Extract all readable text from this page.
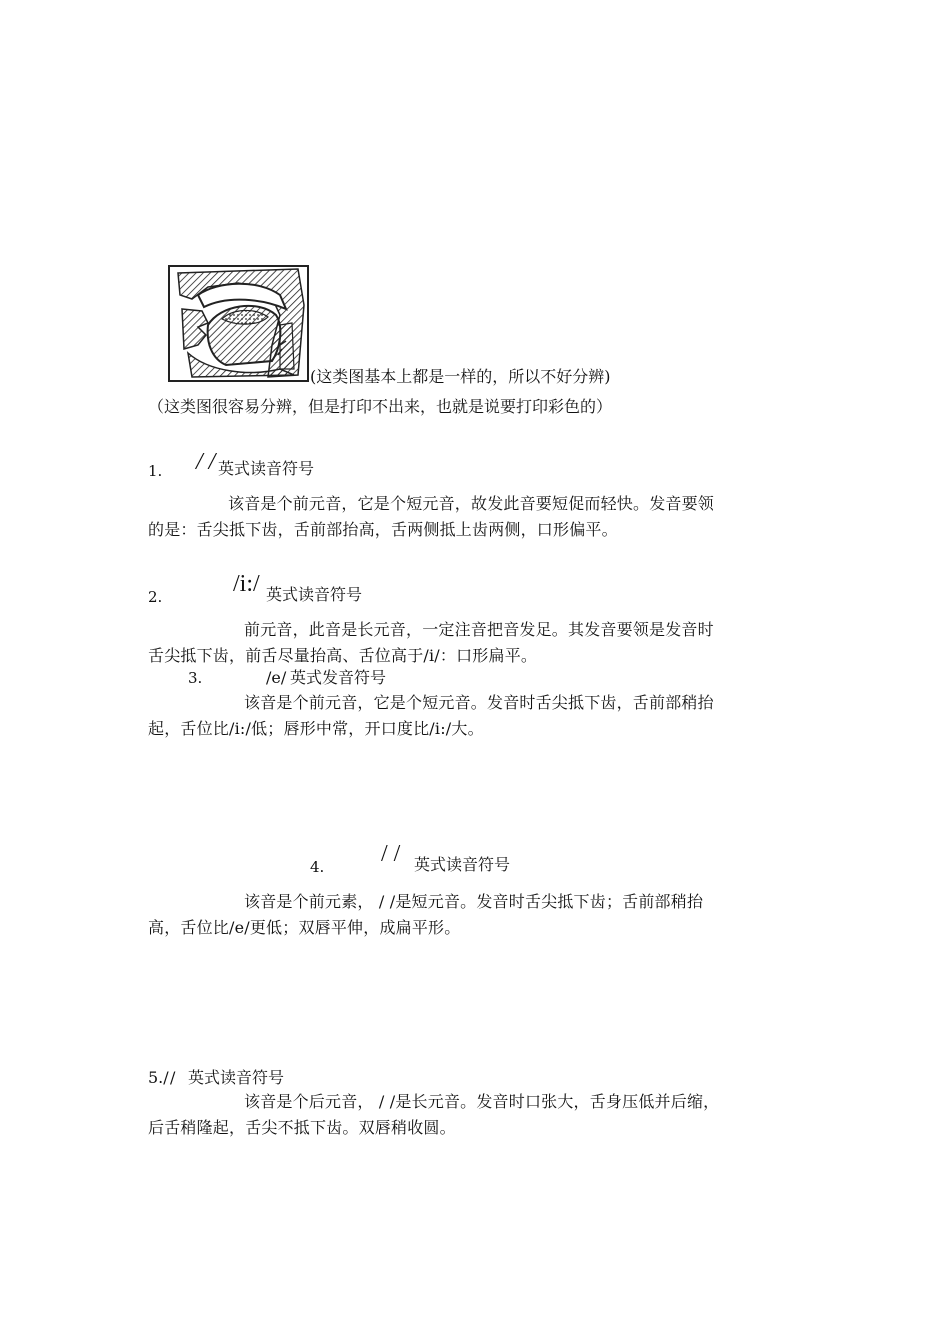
(这类图基本上都是一样的，所以不好分辨)
（这类图很容易分辨，但是打印不出来，也就是说要打印彩色的）
1. / / 英式读音符号
该音是个前元音，它是个短元音，故发此音要短促而轻快。发音要领
的是：舌尖抵下齿，舌前部抬高，舌两侧抵上齿两侧，口形偏平。
2.	/i:/ 英式读音符号
前元音，此音是长元音，一定注音把音发足。其发音要领是发音时
舌尖抵下齿，前舌尽量抬高、舌位高于/i/：口形扁平。
3.	/e/ 英式发音符号
该音是个前元音，它是个短元音。发音时舌尖抵下齿，舌前部稍抬
起，舌位比/i:/低；唇形中常，开口度比/i:/大。
4. / / 英式读音符号
该音是个前元素， / /是短元音。发音时舌尖抵下齿；舌前部稍抬
高，舌位比/e/更低；双唇平伸，成扁平形。
5./ / 英式读音符号
该音是个后元音， / /是长元音。发音时口张大，舌身压低并后缩，
后舌稍隆起，舌尖不抵下齿。双唇稍收圆。
